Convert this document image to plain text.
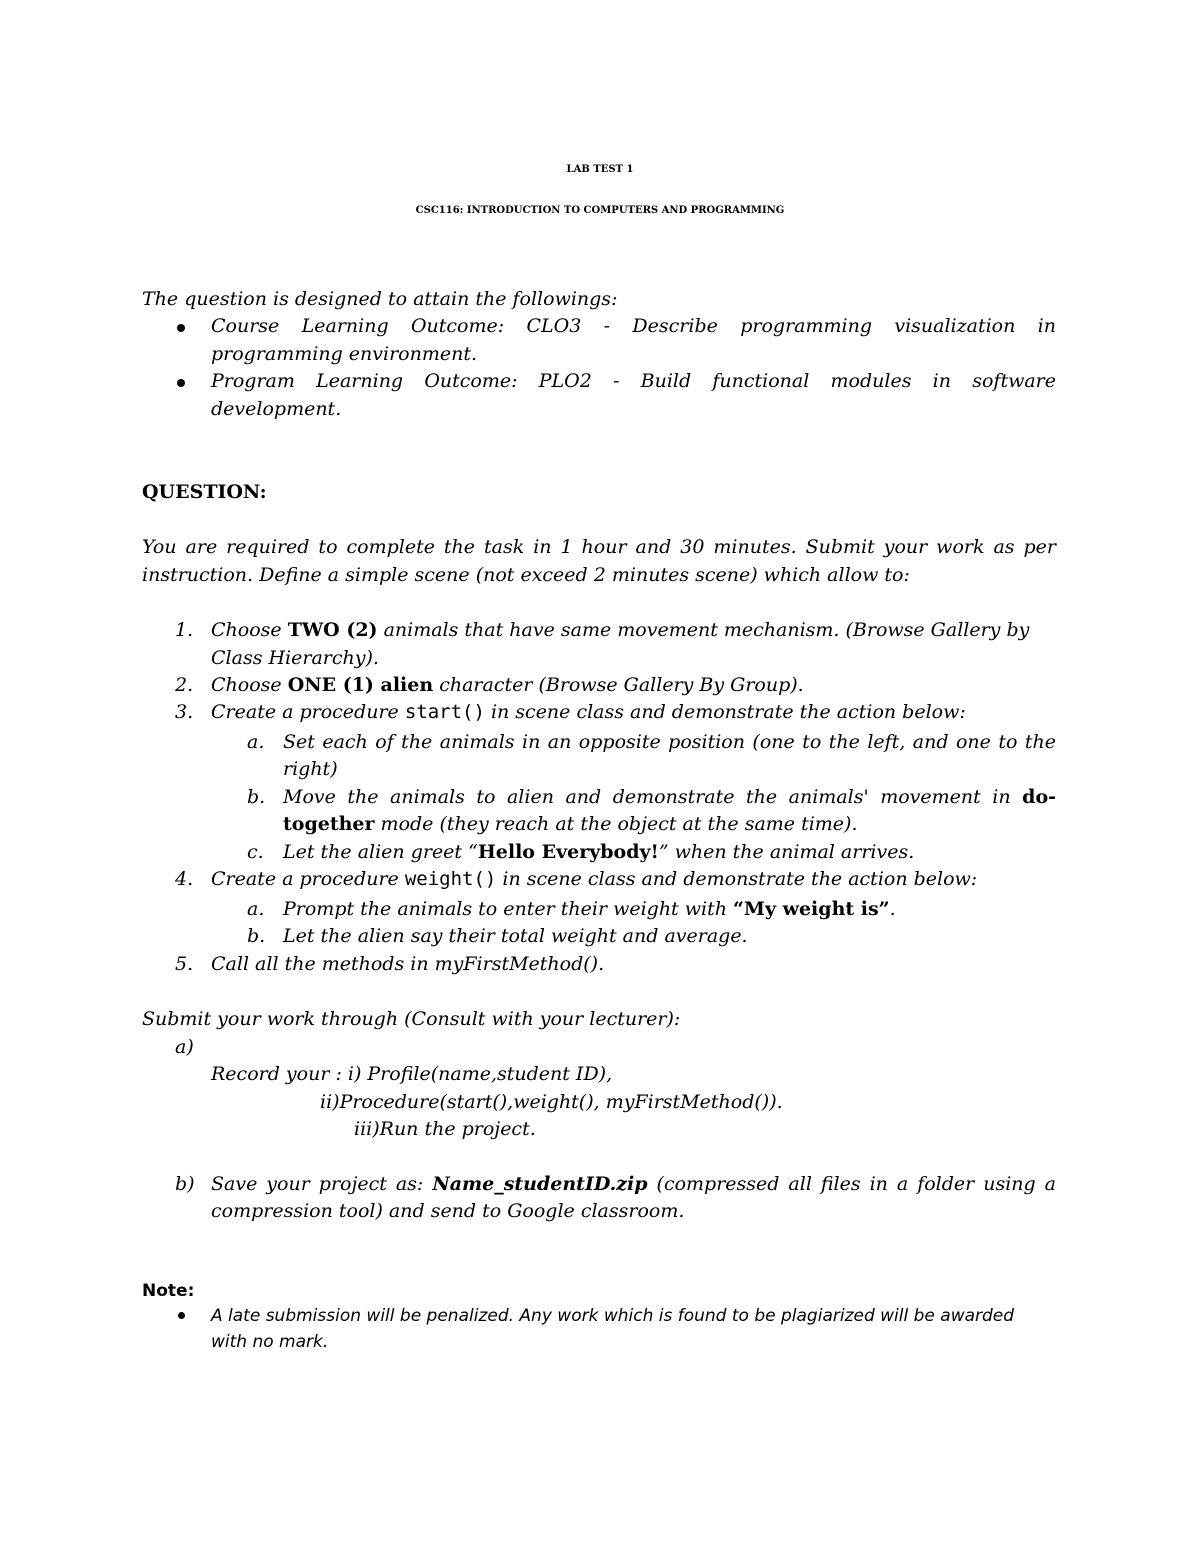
LAB TEST 1
CSC116: INTRODUCTION TO COMPUTERS AND PROGRAMMING
The question is designed to attain the followings:
Course Learning Outcome: CLO3 - Describe programming visualization in
programming environment.
Program Learning Outcome: PLO2 - Build functional modules in software
development.
QUESTION:
You are required to complete the task in 1 hour and 30 minutes. Submit your work as per
instruction. Define a simple scene (not exceed 2 minutes scene) which allow to:
1. Choose TWO (2) animals that have same movement mechanism. (Browse Gallery by
Class Hierarchy).
2. Choose ONE (1) alien character (Browse Gallery By Group).
3. Create a procedure start() in scene class and demonstrate the action below:
a. Set each of the animals in an opposite position (one to the left, and one to the
right)
b. Move the animals to alien and demonstrate the animals' movement in do-
together mode (they reach at the object at the same time).
c. Let the alien greet “Hello Everybody!” when the animal arrives.
4. Create a procedure weight() in scene class and demonstrate the action below:
a. Prompt the animals to enter their weight with “My weight is”.
b. Let the alien say their total weight and average.
5. Call all the methods in myFirstMethod().
Submit your work through (Consult with your lecturer):
a)
Record your : i) Profile(name,student ID),
ii)Procedure(start(),weight(), myFirstMethod()).
iii)Run the project.
b) Save your project as: Name_studentID.zip (compressed all files in a folder using a
compression tool) and send to Google classroom.
Note:
A late submission will be penalized. Any work which is found to be plagiarized will be awarded
with no mark.
